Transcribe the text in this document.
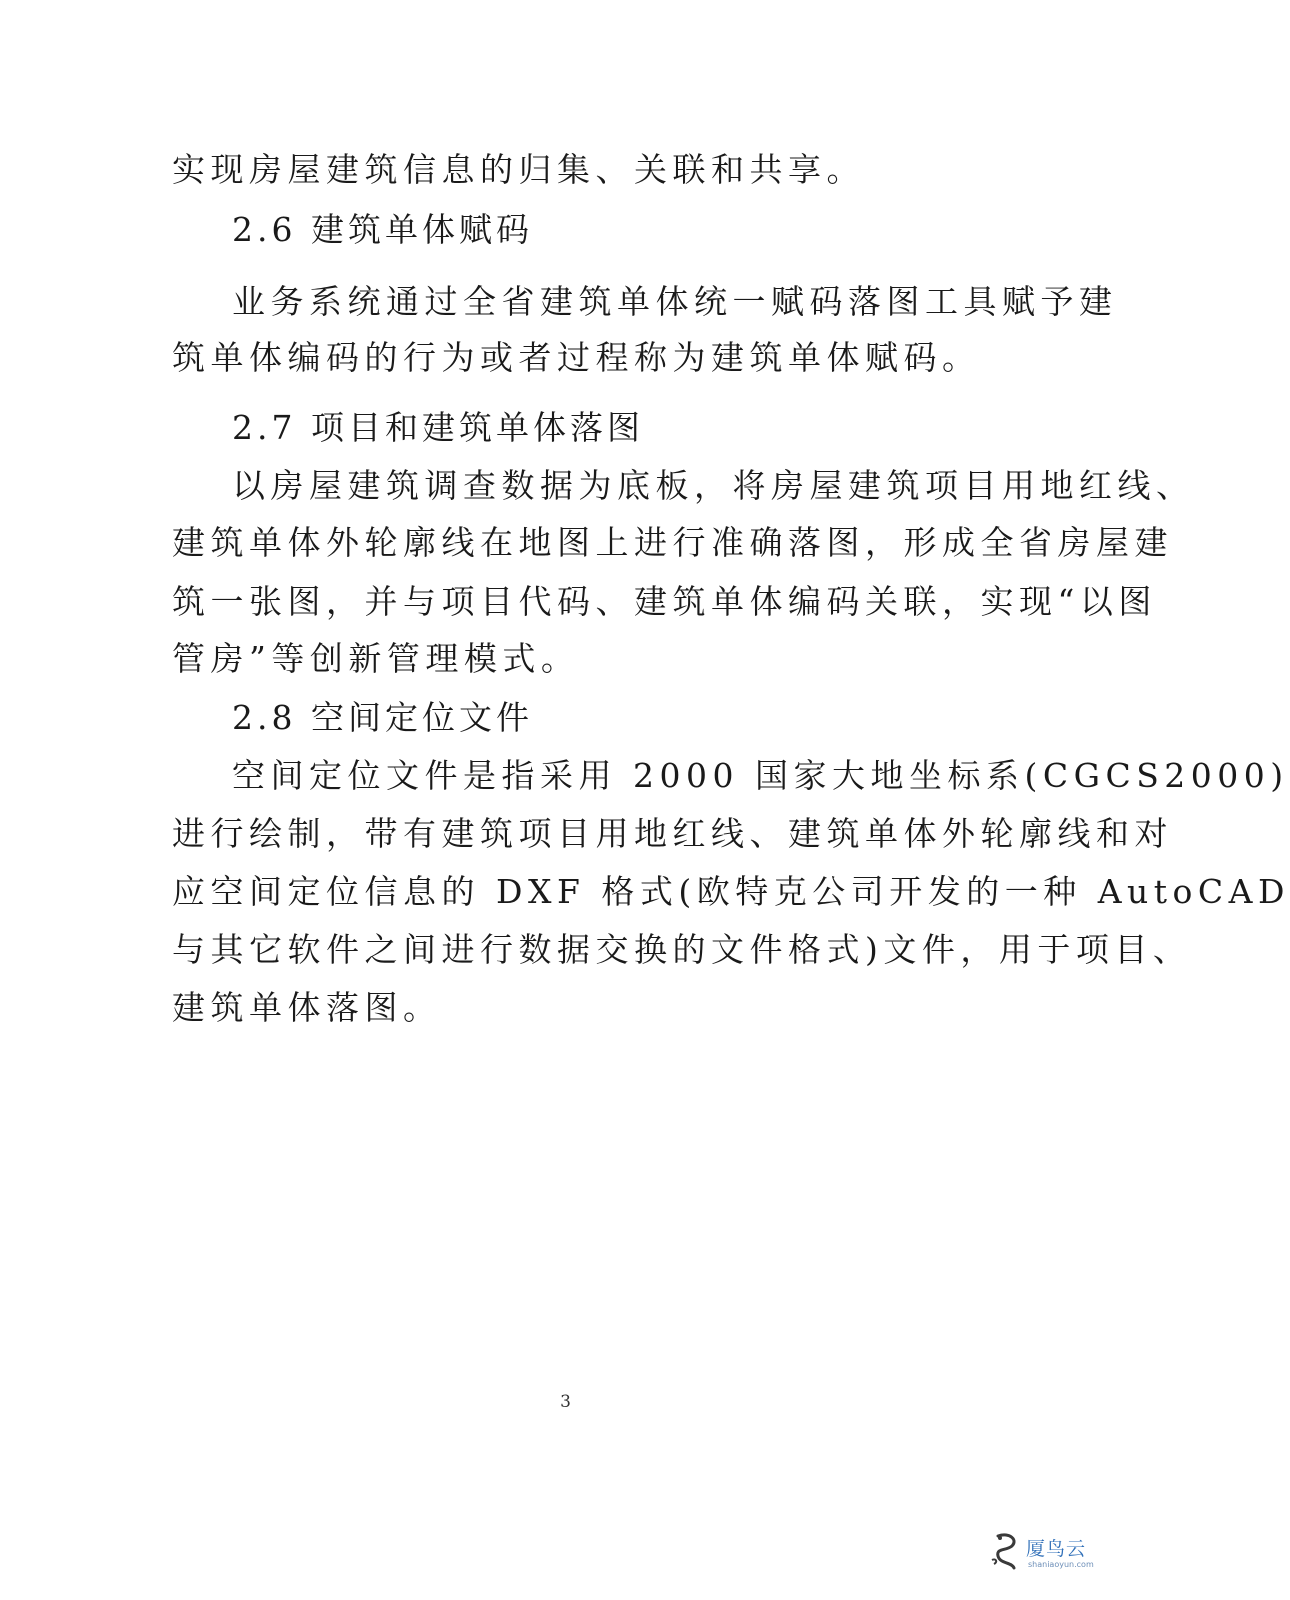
实现房屋建筑信息的归集、关联和共享。
2.6 建筑单体赋码
业务系统通过全省建筑单体统一赋码落图工具赋予建
筑单体编码的行为或者过程称为建筑单体赋码。
2.7 项目和建筑单体落图
以房屋建筑调查数据为底板，将房屋建筑项目用地红线、
建筑单体外轮廓线在地图上进行准确落图，形成全省房屋建
筑一张图，并与项目代码、建筑单体编码关联，实现“以图
管房”等创新管理模式。
2.8 空间定位文件
空间定位文件是指采用 2000 国家大地坐标系(CGCS2000)
进行绘制，带有建筑项目用地红线、建筑单体外轮廓线和对
应空间定位信息的 DXF 格式(欧特克公司开发的一种 AutoCAD
与其它软件之间进行数据交换的文件格式)文件，用于项目、
建筑单体落图。
3
厦鸟云
shaniaoyun.com
